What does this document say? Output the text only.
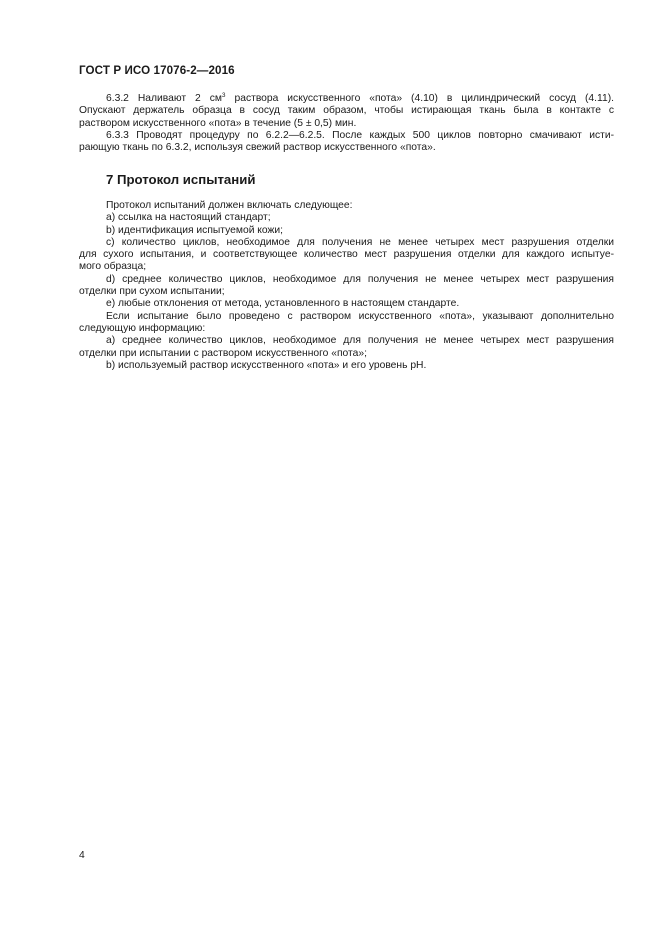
ГОСТ Р ИСО 17076-2—2016
6.3.2 Наливают 2 $см^3$ раствора искусственного «пота» (4.10) в цилиндрический сосуд (4.11).
Опускают держатель образца в сосуд таким образом, чтобы истирающая ткань была в контакте с
раствором искусственного «пота» в течение (5 ± 0,5) мин.
6.3.3 Проводят процедуру по 6.2.2—6.2.5. После каждых 500 циклов повторно смачивают исти-
рающую ткань по 6.3.2, используя свежий раствор искусственного «пота».
7 Протокол испытаний
Протокол испытаний должен включать следующее:
a) ссылка на настоящий стандарт;
b) идентификация испытуемой кожи;
c) количество циклов, необходимое для получения не менее четырех мест разрушения отделки
для сухого испытания, и соответствующее количество мест разрушения отделки для каждого испытуе-
мого образца;
d) среднее количество циклов, необходимое для получения не менее четырех мест разрушения
отделки при сухом испытании;
e) любые отклонения от метода, установленного в настоящем стандарте.
Если испытание было проведено с раствором искусственного «пота», указывают дополнительно
следующую информацию:
a) среднее количество циклов, необходимое для получения не менее четырех мест разрушения
отделки при испытании с раствором искусственного «пота»;
b) используемый раствор искусственного «пота» и его уровень pH.
4
